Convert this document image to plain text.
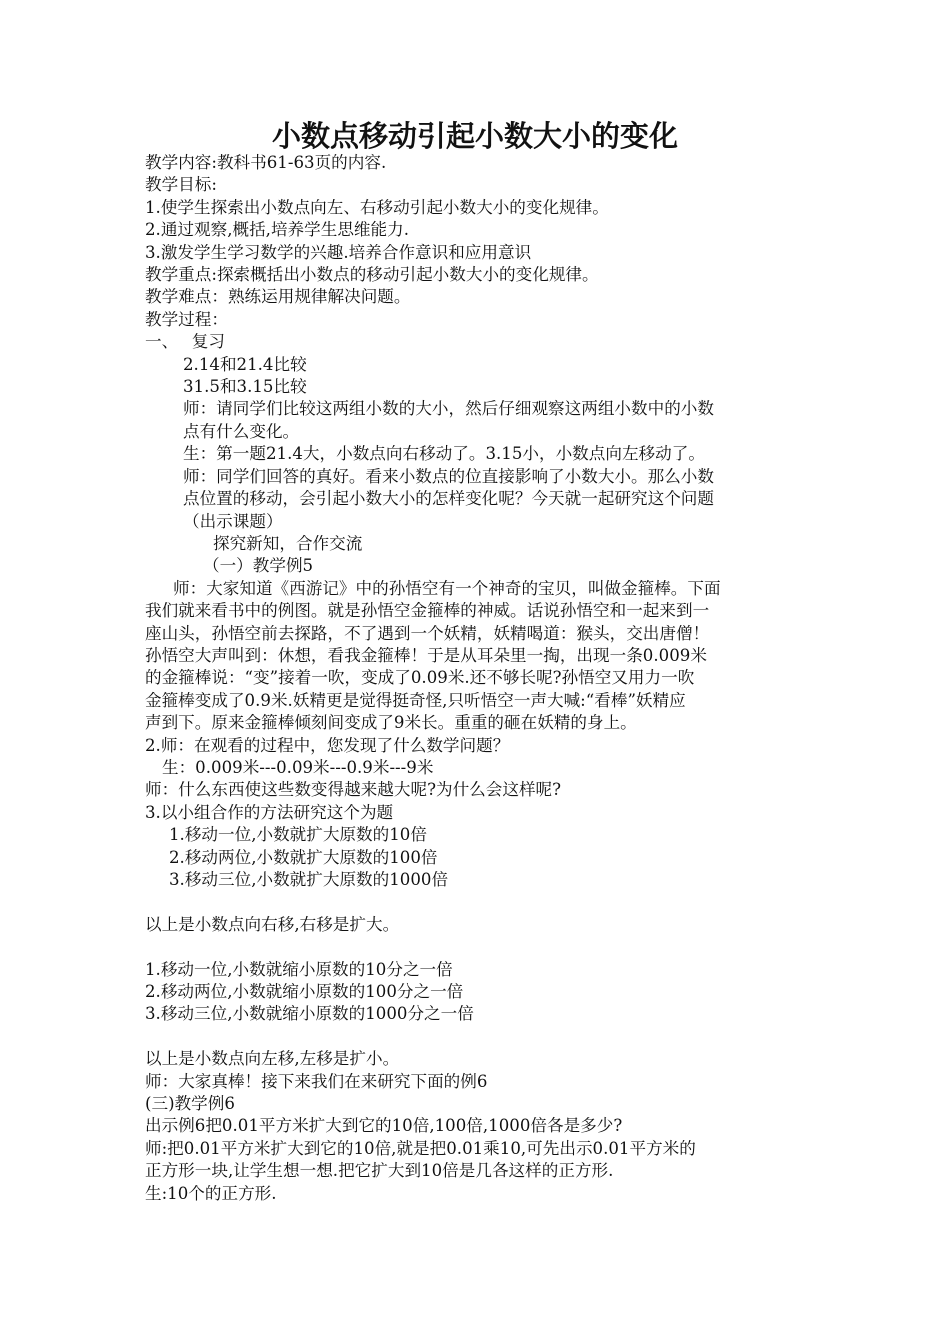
小数点移动引起小数大小的变化
教学内容:教科书61-63页的内容.
教学目标:
1.使学生探索出小数点向左、右移动引起小数大小的变化规律。
2.通过观察,概括,培养学生思维能力.
3.激发学生学习数学的兴趣.培养合作意识和应用意识
教学重点:探索概括出小数点的移动引起小数大小的变化规律。
教学难点：熟练运用规律解决问题。
教学过程：
一、　 复习
2.14和21.4比较
31.5和3.15比较
师：请同学们比较这两组小数的大小，然后仔细观察这两组小数中的小数
点有什么变化。
生：第一题21.4大，小数点向右移动了。3.15小，小数点向左移动了。
师：同学们回答的真好。看来小数点的位直接影响了小数大小。那么小数
点位置的移动，会引起小数大小的怎样变化呢？今天就一起研究这个问题
（出示课题）
探究新知，合作交流
（一）教学例5
师：大家知道《西游记》中的孙悟空有一个神奇的宝贝，叫做金箍棒。下面
我们就来看书中的例图。就是孙悟空金箍棒的神威。话说孙悟空和一起来到一
座山头，孙悟空前去探路，不了遇到一个妖精，妖精喝道：猴头，交出唐僧！
孙悟空大声叫到：休想，看我金箍棒！于是从耳朵里一掏，出现一条0.009米
的金箍棒说：“变”接着一吹，变成了0.09米.还不够长呢?孙悟空又用力一吹
金箍棒变成了0.9米.妖精更是觉得挺奇怪,只听悟空一声大喊:“看棒”妖精应
声到下。原来金箍棒倾刻间变成了9米长。重重的砸在妖精的身上。
2.师：在观看的过程中，您发现了什么数学问题？
生：0.009米---0.09米---0.9米---9米
师：什么东西使这些数变得越来越大呢?为什么会这样呢?
3.以小组合作的方法研究这个为题
1.移动一位,小数就扩大原数的10倍
2.移动两位,小数就扩大原数的100倍
3.移动三位,小数就扩大原数的1000倍
以上是小数点向右移,右移是扩大。
1.移动一位,小数就缩小原数的10分之一倍
2.移动两位,小数就缩小原数的100分之一倍
3.移动三位,小数就缩小原数的1000分之一倍
以上是小数点向左移,左移是扩小。
师：大家真棒！接下来我们在来研究下面的例6
(三)教学例6
出示例6把0.01平方米扩大到它的10倍,100倍,1000倍各是多少?
师:把0.01平方米扩大到它的10倍,就是把0.01乘10,可先出示0.01平方米的
正方形一块,让学生想一想.把它扩大到10倍是几各这样的正方形.
生:10个的正方形.
